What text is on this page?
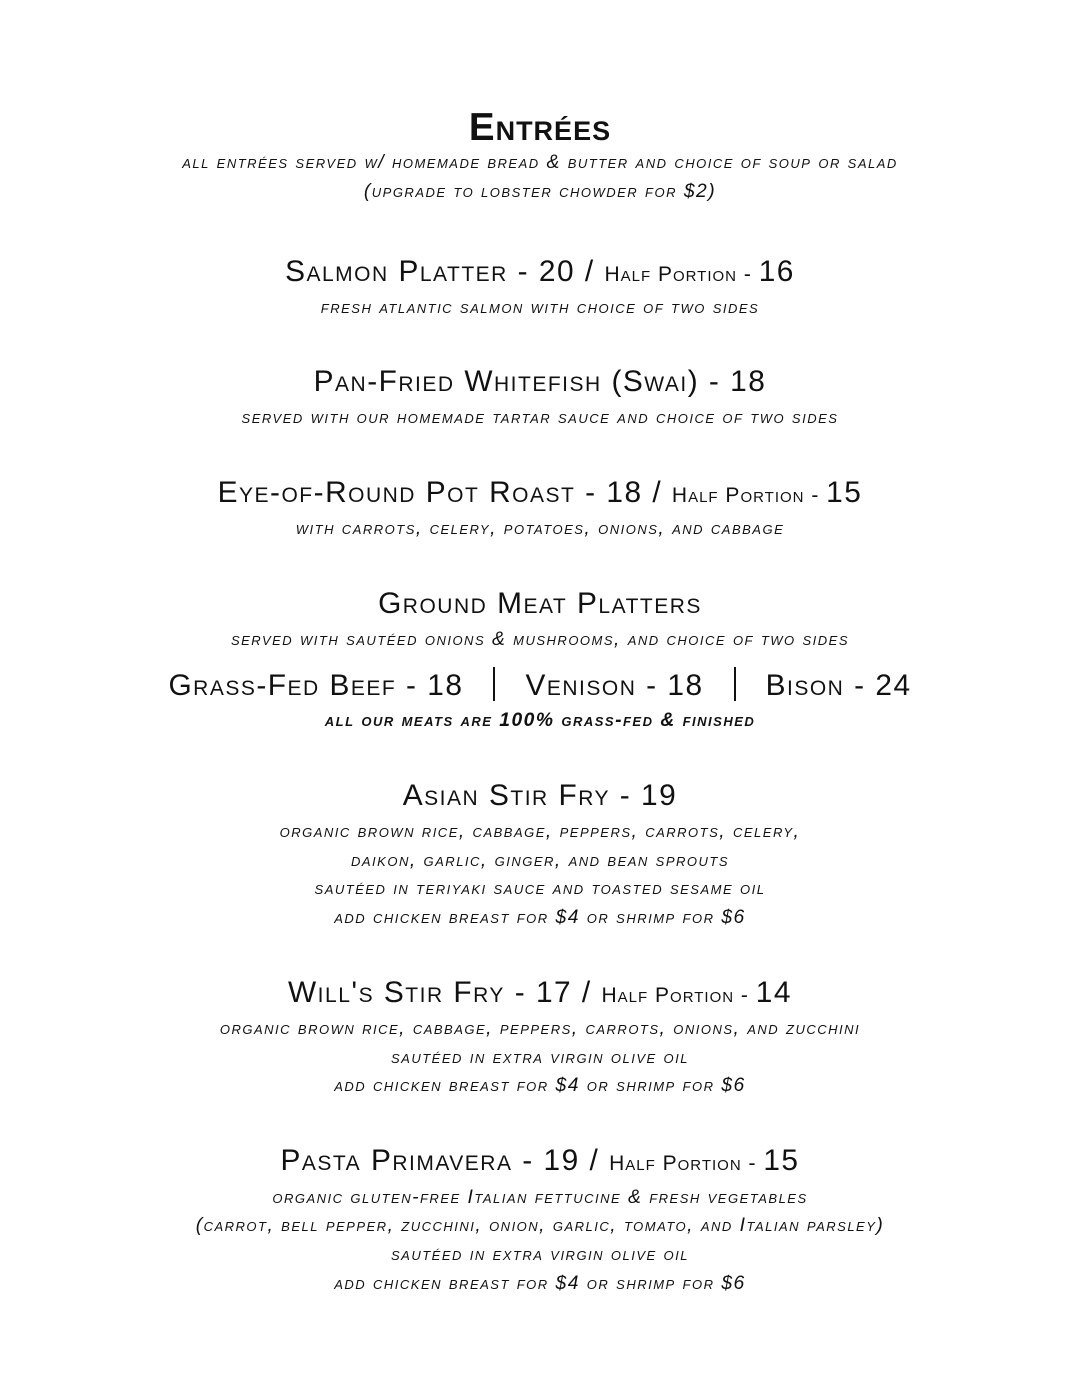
Entrées
all entrées served w/ homemade bread & butter and choice of soup or salad
(upgrade to lobster chowder for $2)
Salmon Platter - 20 / Half Portion - 16
fresh atlantic salmon with choice of two sides
Pan-Fried Whitefish (Swai) - 18
served with our homemade tartar sauce and choice of two sides
Eye-of-Round Pot Roast - 18 / Half Portion - 15
with carrots, celery, potatoes, onions, and cabbage
Ground Meat Platters
served with sautéed onions & mushrooms, and choice of two sides
Grass-Fed Beef - 18 Venison - 18 Bison - 24
all our meats are 100% grass-fed & finished
Asian Stir Fry - 19
organic brown rice, cabbage, peppers, carrots, celery,
daikon, garlic, ginger, and bean sprouts
sautéed in teriyaki sauce and toasted sesame oil
add chicken breast for $4 or shrimp for $6
Will's Stir Fry - 17 / Half Portion - 14
organic brown rice, cabbage, peppers, carrots, onions, and zucchini
sautéed in extra virgin olive oil
add chicken breast for $4 or shrimp for $6
Pasta Primavera - 19 / Half Portion - 15
organic gluten-free Italian fettucine & fresh vegetables
(carrot, bell pepper, zucchini, onion, garlic, tomato, and Italian parsley)
sautéed in extra virgin olive oil
add chicken breast for $4 or shrimp for $6
